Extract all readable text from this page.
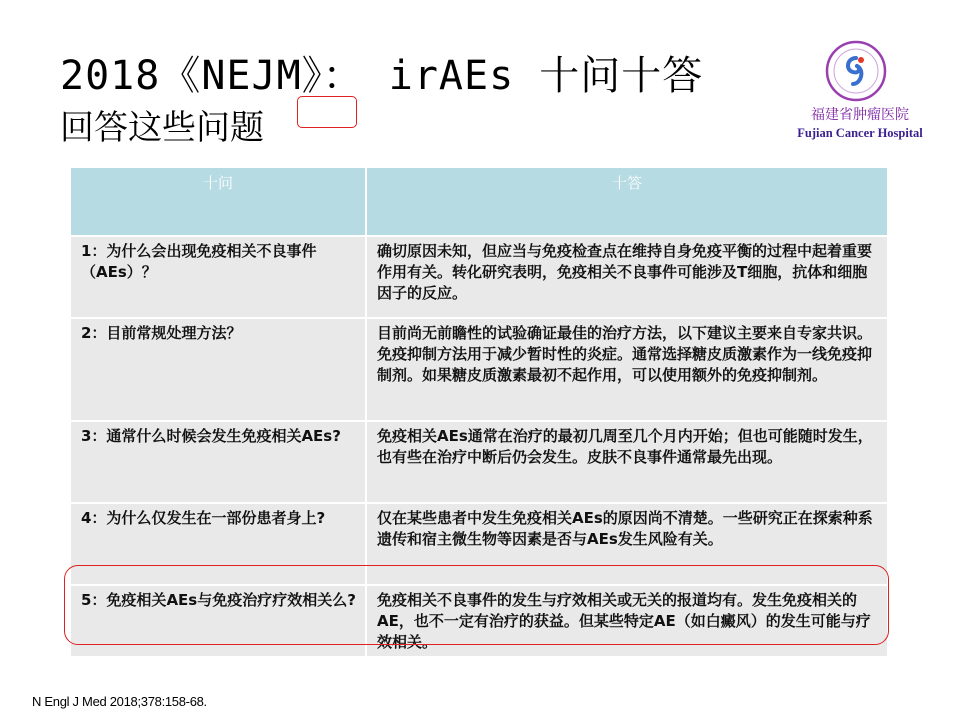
2018《NEJM》： irAEs 十问十答
回答这些问题	福建省肿瘤医院
Fujian Cancer Hospital
十问	十答
1：为什么会出现免疫相关不良事件（AEs）？	确切原因未知，但应当与免疫检查点在维持自身免疫平衡的过程中起着重要作用有关。转化研究表明，免疫相关不良事件可能涉及T细胞，抗体和细胞因子的反应。
2：目前常规处理方法？	目前尚无前瞻性的试验确证最佳的治疗方法，以下建议主要来自专家共识。免疫抑制方法用于减少暂时性的炎症。通常选择糖皮质激素作为一线免疫抑制剂。如果糖皮质激素最初不起作用，可以使用额外的免疫抑制剂。
3：通常什么时候会发生免疫相关AEs?	免疫相关AEs通常在治疗的最初几周至几个月内开始；但也可能随时发生，也有些在治疗中断后仍会发生。皮肤不良事件通常最先出现。
4：为什么仅发生在一部份患者身上?	仅在某些患者中发生免疫相关AEs的原因尚不清楚。一些研究正在探索种系遗传和宿主微生物等因素是否与AEs发生风险有关。
5：免疫相关AEs与免疫治疗疗效相关么?	免疫相关不良事件的发生与疗效相关或无关的报道均有。发生免疫相关的AE，也不一定有治疗的获益。但某些特定AE（如白癜风）的发生可能与疗效相关。
N Engl J Med 2018;378:158-68.
